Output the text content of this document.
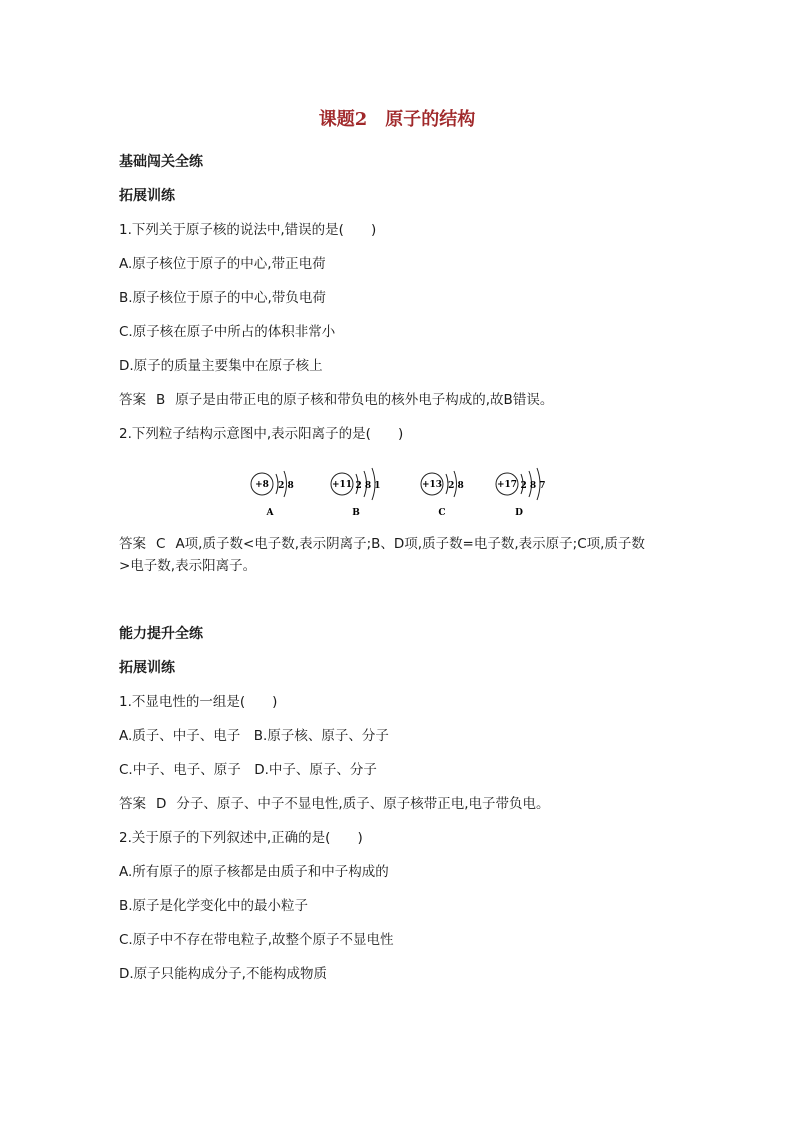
课题2　原子的结构
基础闯关全练
拓展训练
1.下列关于原子核的说法中,错误的是(　　)
A.原子核位于原子的中心,带正电荷
B.原子核位于原子的中心,带负电荷
C.原子核在原子中所占的体积非常小
D.原子的质量主要集中在原子核上
答案 B 原子是由带正电的原子核和带负电的核外电子构成的,故B错误。
2.下列粒子结构示意图中,表示阳离子的是(　　)
+8 2 8
A
+11 2 8 1
B
+13 2 8
C
+17 2 8 7
D
答案 C A项,质子数<电子数,表示阴离子;B、D项,质子数=电子数,表示原子;C项,质子数
>电子数,表示阳离子。
能力提升全练
拓展训练
1.不显电性的一组是(　　)
A.质子、中子、电子　B.原子核、原子、分子
C.中子、电子、原子　D.中子、原子、分子
答案 D 分子、原子、中子不显电性,质子、原子核带正电,电子带负电。
2.关于原子的下列叙述中,正确的是(　　)
A.所有原子的原子核都是由质子和中子构成的
B.原子是化学变化中的最小粒子
C.原子中不存在带电粒子,故整个原子不显电性
D.原子只能构成分子,不能构成物质
